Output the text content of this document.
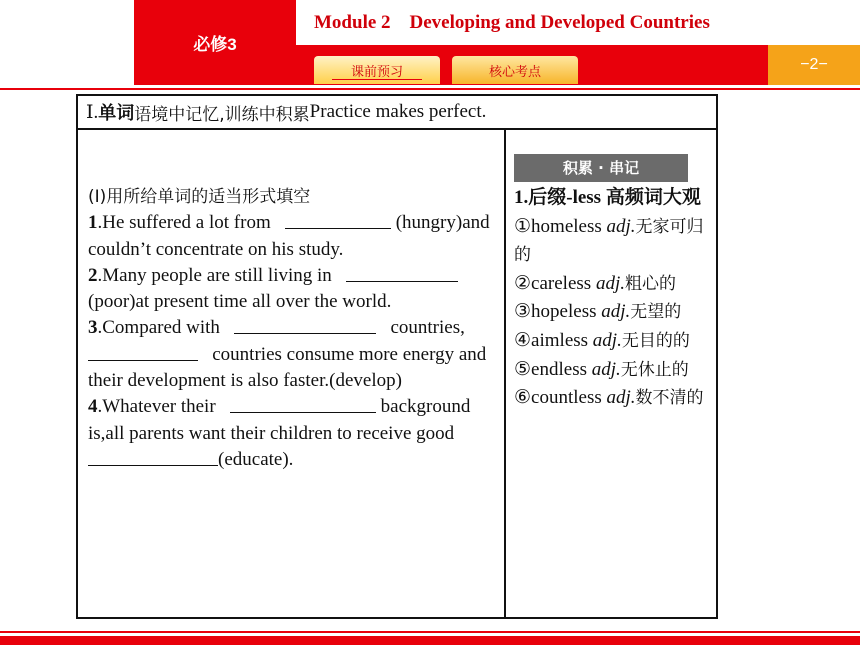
必修3
Module 2    Developing and Developed Countries
课前预习	核心考点	−2−
Ⅰ. 单词 语境中记忆,训练中积累 Practice makes perfect.

(Ⅰ)用所给单词的适当形式填空

1.He suffered a lot from	(hungry)and couldn’t concentrate on his study.

2.Many people are still living in    (poor)at present time all over the world.

3.Compared with	countries,
countries consume more energy and their development is also faster.(develop)

4.Whatever their	background is,all parents want their children to receive good   (educate).

积累 · 串记

1.后缀-less 高频词大观

①homeless adj.无家可归的

②careless adj.粗心的

③hopeless adj.无望的

④aimless adj.无目的的

⑤endless adj.无休止的

⑥countless adj.数不清的
